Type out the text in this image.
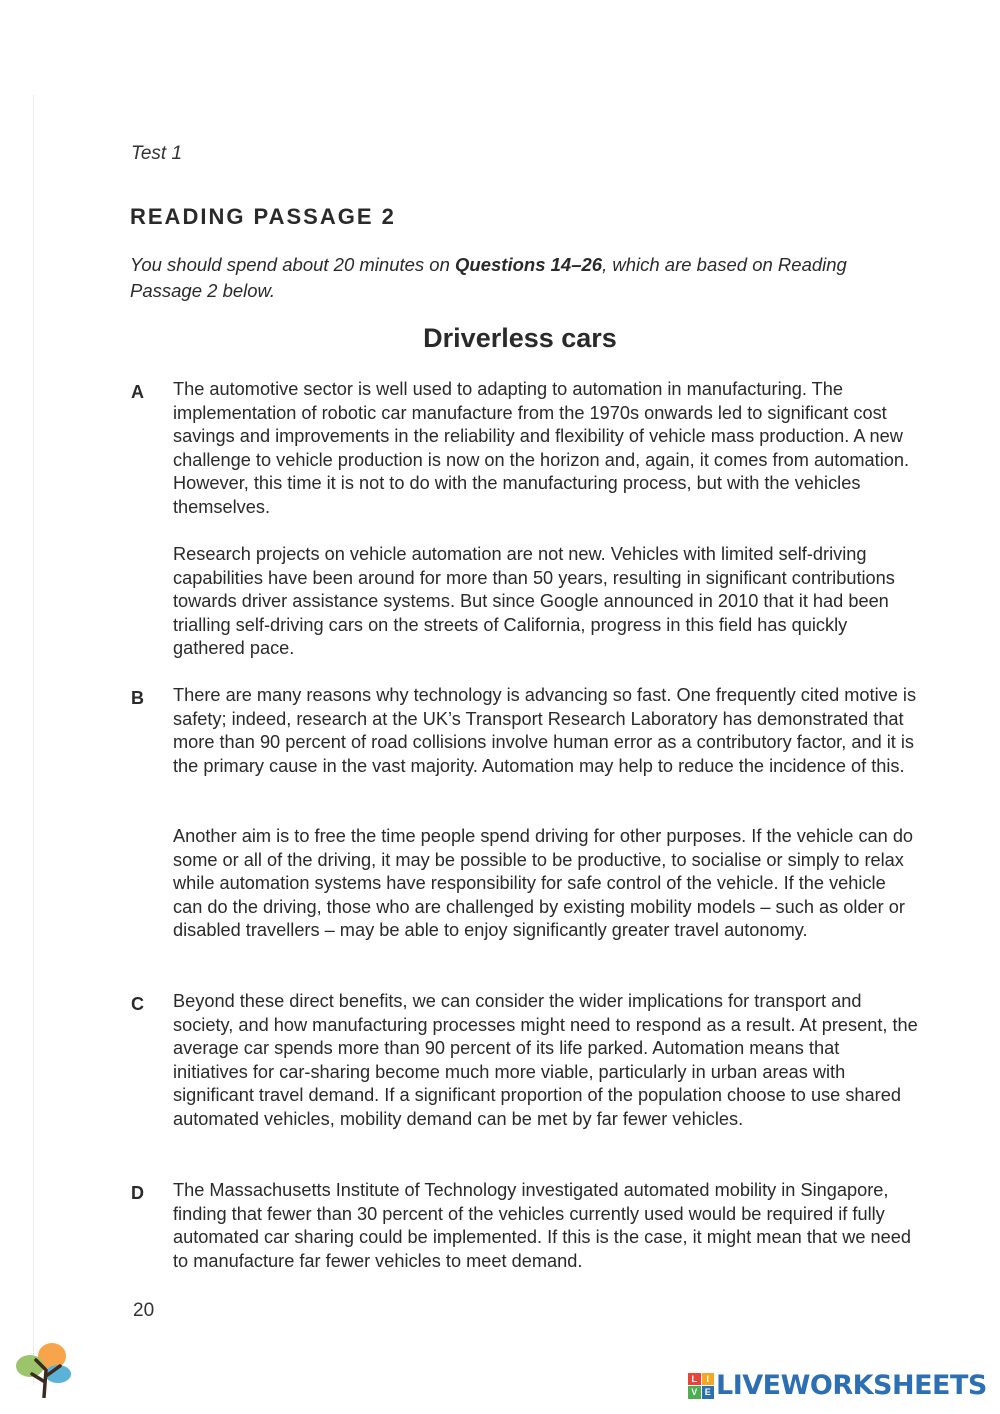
Test 1
READING PASSAGE 2
You should spend about 20 minutes on Questions 14–26, which are based on Reading Passage 2 below.
Driverless cars
A The automotive sector is well used to adapting to automation in manufacturing. The implementation of robotic car manufacture from the 1970s onwards led to significant cost savings and improvements in the reliability and flexibility of vehicle mass production. A new challenge to vehicle production is now on the horizon and, again, it comes from automation. However, this time it is not to do with the manufacturing process, but with the vehicles themselves.
Research projects on vehicle automation are not new. Vehicles with limited self-driving capabilities have been around for more than 50 years, resulting in significant contributions towards driver assistance systems. But since Google announced in 2010 that it had been trialling self-driving cars on the streets of California, progress in this field has quickly gathered pace.
B There are many reasons why technology is advancing so fast. One frequently cited motive is safety; indeed, research at the UK’s Transport Research Laboratory has demonstrated that more than 90 percent of road collisions involve human error as a contributory factor, and it is the primary cause in the vast majority. Automation may help to reduce the incidence of this.
Another aim is to free the time people spend driving for other purposes. If the vehicle can do some or all of the driving, it may be possible to be productive, to socialise or simply to relax while automation systems have responsibility for safe control of the vehicle. If the vehicle can do the driving, those who are challenged by existing mobility models – such as older or disabled travellers – may be able to enjoy significantly greater travel autonomy.
C Beyond these direct benefits, we can consider the wider implications for transport and society, and how manufacturing processes might need to respond as a result. At present, the average car spends more than 90 percent of its life parked. Automation means that initiatives for car-sharing become much more viable, particularly in urban areas with significant travel demand. If a significant proportion of the population choose to use shared automated vehicles, mobility demand can be met by far fewer vehicles.
D The Massachusetts Institute of Technology investigated automated mobility in Singapore, finding that fewer than 30 percent of the vehicles currently used would be required if fully automated car sharing could be implemented. If this is the case, it might mean that we need to manufacture far fewer vehicles to meet demand.
20
L	I
V E LIVEWORKSHEETS
